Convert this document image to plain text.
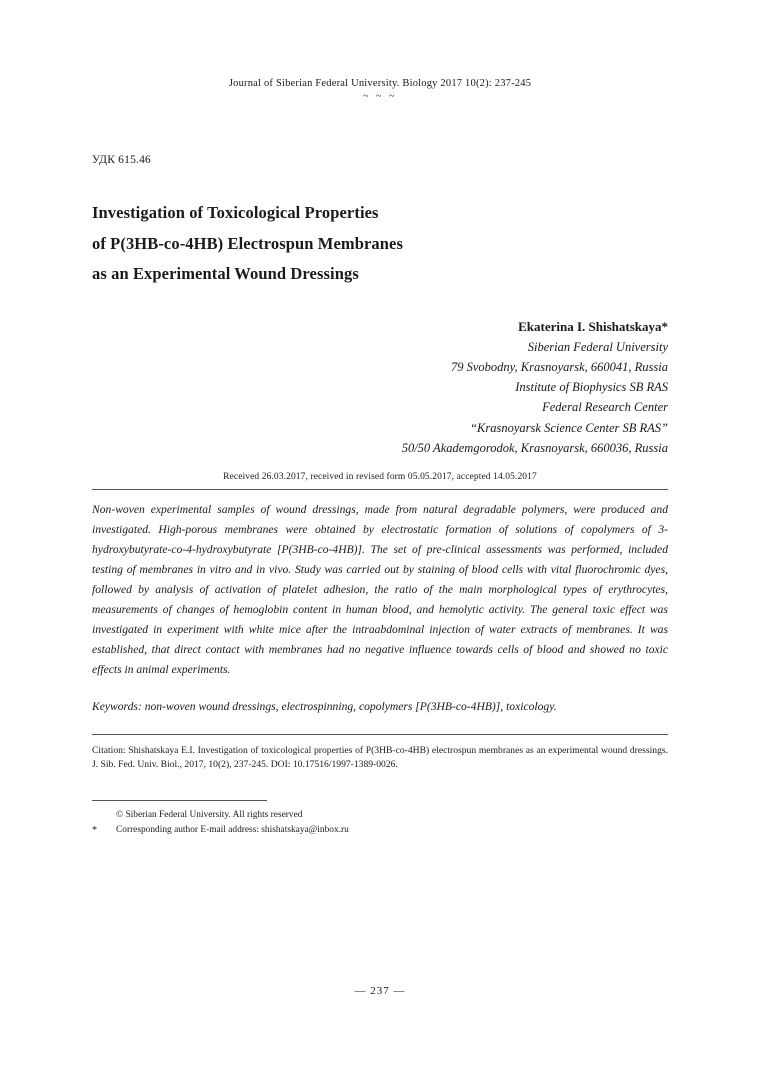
Journal of Siberian Federal University. Biology 2017 10(2): 237-245
~ ~ ~
УДК 615.46
Investigation of Toxicological Properties
of P(3HB-co-4HB) Electrospun Membranes
as an Experimental Wound Dressings
Ekaterina I. Shishatskaya*
Siberian Federal University
79 Svobodny, Krasnoyarsk, 660041, Russia
Institute of Biophysics SB RAS
Federal Research Center
“Krasnoyarsk Science Center SB RAS”
50/50 Akademgorodok, Krasnoyarsk, 660036, Russia
Received 26.03.2017, received in revised form 05.05.2017, accepted 14.05.2017
Non-woven experimental samples of wound dressings, made from natural degradable polymers, were produced and investigated. High-porous membranes were obtained by electrostatic formation of solutions of copolymers of 3-hydroxybutyrate-co-4-hydroxybutyrate [P(3HB-co-4HB)]. The set of pre-clinical assessments was performed, included testing of membranes in vitro and in vivo. Study was carried out by staining of blood cells with vital fluorochromic dyes, followed by analysis of activation of platelet adhesion, the ratio of the main morphological types of erythrocytes, measurements of changes of hemoglobin content in human blood, and hemolytic activity. The general toxic effect was investigated in experiment with white mice after the intraabdominal injection of water extracts of membranes. It was established, that direct contact with membranes had no negative influence towards cells of blood and showed no toxic effects in animal experiments.
Keywords: non-woven wound dressings, electrospinning, copolymers [P(3HB-co-4HB)], toxicology.
Citation: Shishatskaya E.I. Investigation of toxicological properties of P(3HB-co-4HB) electrospun membranes as an experimental wound dressings. J. Sib. Fed. Univ. Biol., 2017, 10(2), 237-245. DOI: 10.17516/1997-1389-0026.
© Siberian Federal University. All rights reserved
*	Corresponding author E-mail address: shishatskaya@inbox.ru
— 237 —
